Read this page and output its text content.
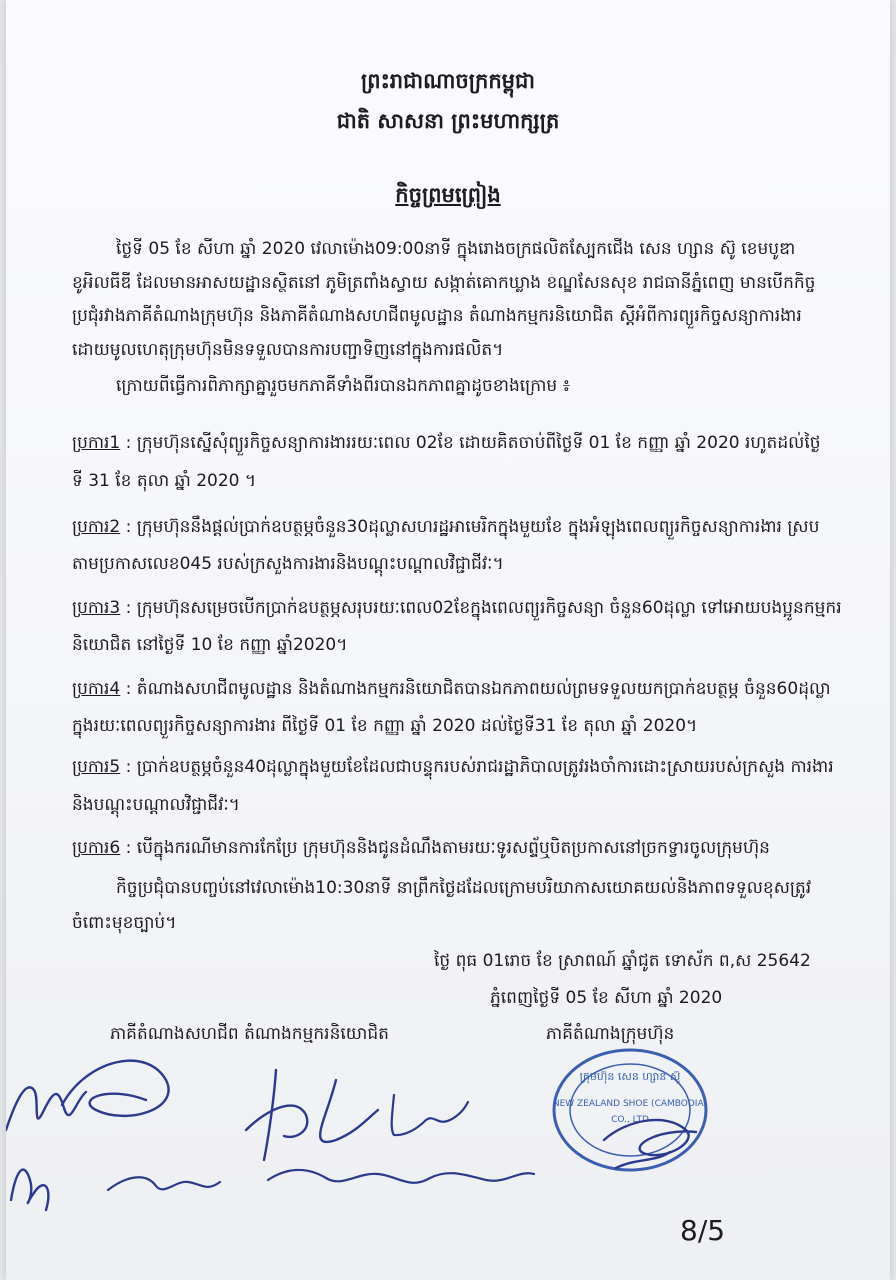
ព្រះរាជាណាចក្រកម្ពុជា
ជាតិ សាសនា ព្រះមហាក្សត្រ
កិច្ចព្រមព្រៀង
ថ្ងៃទី 05 ខែ សីហា ឆ្នាំ 2020 វេលាម៉ោង09:00នាទី ក្នុងរោងចក្រផលិតស្បែកជើង សេន ហ្សាន ស៊ូ ខេមបូឌា
ខូអិលធីឌី ដែលមានអាសយដ្ឋានស្ថិតនៅ ភូមិត្រពាំងស្វាយ សង្កាត់គោកឃ្លាង ខណ្ឌសែនសុខ រាជធានីភ្នំពេញ មានបើកកិច្ច
ប្រជុំរវាងភាគីតំណាងក្រុមហ៊ុន និងភាគីតំណាងសហជីពមូលដ្ឋាន តំណាងកម្មករនិយោជិត ស្តីអំពីការព្យួរកិច្ចសន្យាការងារ
ដោយមូលហេតុក្រុមហ៊ុនមិនទទួលបានការបញ្ជាទិញនៅក្នុងការផលិត។
ក្រោយពីធ្វើការពិភាក្សាគ្នារួចមកភាគីទាំងពីរបានឯកភាពគ្នាដូចខាងក្រោម ៖
ប្រការ1 : ក្រុមហ៊ុនស្នើសុំព្យួរកិច្ចសន្យាការងាររយៈពេល 02ខែ ដោយគិតចាប់ពីថ្ងៃទី 01 ខែ កញ្ញា ឆ្នាំ 2020 រហូតដល់ថ្ងៃ
ទី 31 ខែ តុលា ឆ្នាំ 2020 ។
ប្រការ2 : ក្រុមហ៊ុននឹងផ្តល់ប្រាក់ឧបត្ថម្ភចំនួន30ដុល្លាសហរដ្ឋអាមេរិកក្នុងមួយខែ ក្នុងអំឡុងពេលព្យួរកិច្ចសន្យាការងារ ស្រប
តាមប្រកាសលេខ045 របស់ក្រសួងការងារនិងបណ្តុះបណ្តាលវិជ្ជាជីវៈ។
ប្រការ3 : ក្រុមហ៊ុនសម្រេចបើកប្រាក់ឧបត្ថម្ភសរុបរយៈពេល02ខែក្នុងពេលព្យួរកិច្ចសន្យា ចំនួន60ដុល្លា ទៅអោយបងប្អូនកម្មករ
និយោជិត នៅថ្ងៃទី 10 ខែ កញ្ញា ឆ្នាំ2020។
ប្រការ4 : តំណាងសហជីពមូលដ្ឋាន និងតំណាងកម្មករនិយោជិតបានឯកភាពយល់ព្រមទទួលយកប្រាក់ឧបត្ថម្ភ ចំនួន60ដុល្លា
ក្នុងរយៈពេលព្យួរកិច្ចសន្យាការងារ ពីថ្ងៃទី 01 ខែ កញ្ញា ឆ្នាំ 2020 ដល់ថ្ងៃទី31 ខែ តុលា ឆ្នាំ 2020។
ប្រការ5 : ប្រាក់ឧបត្ថម្ភចំនួន40ដុល្លាក្នុងមួយខែដែលជាបន្ទុករបស់រាជរដ្ឋាភិបាលត្រូវរងចាំការដោះស្រាយរបស់ក្រសួង ការងារ
និងបណ្តុះបណ្តាលវិជ្ជាជីវៈ។
ប្រការ6 : បើក្នុងករណីមានការកែប្រែ ក្រុមហ៊ុននិងជូនដំណឹងតាមរយៈទូរសព្ទ័ឬបិតប្រកាសនៅច្រកទ្វារចូលក្រុមហ៊ុន
កិច្ចប្រជុំបានបញ្ចប់នៅវេលាម៉ោង10:30នាទី នាព្រឹកថ្ងៃដដែលក្រោមបរិយាកាសយោគយល់និងភាពទទួលខុសត្រូវ
ចំពោះមុខច្បាប់។
ថ្ងៃ ពុធ 01រោច ខែ ស្រាពណ៍ ឆ្នាំជូត ទោស័ក ព,ស 25642
ភ្នំពេញថ្ងៃទី 05 ខែ សីហា ឆ្នាំ 2020
ភាគីតំណាងសហជីព តំណាងកម្មករនិយោជិត	ភាគីតំណាងក្រុមហ៊ុន
ក្រុមហ៊ុន សេន ហ្សាន ស៊ូ
NEW ZEALAND SHOE (CAMBODIA)
CO., LTD
8/5
